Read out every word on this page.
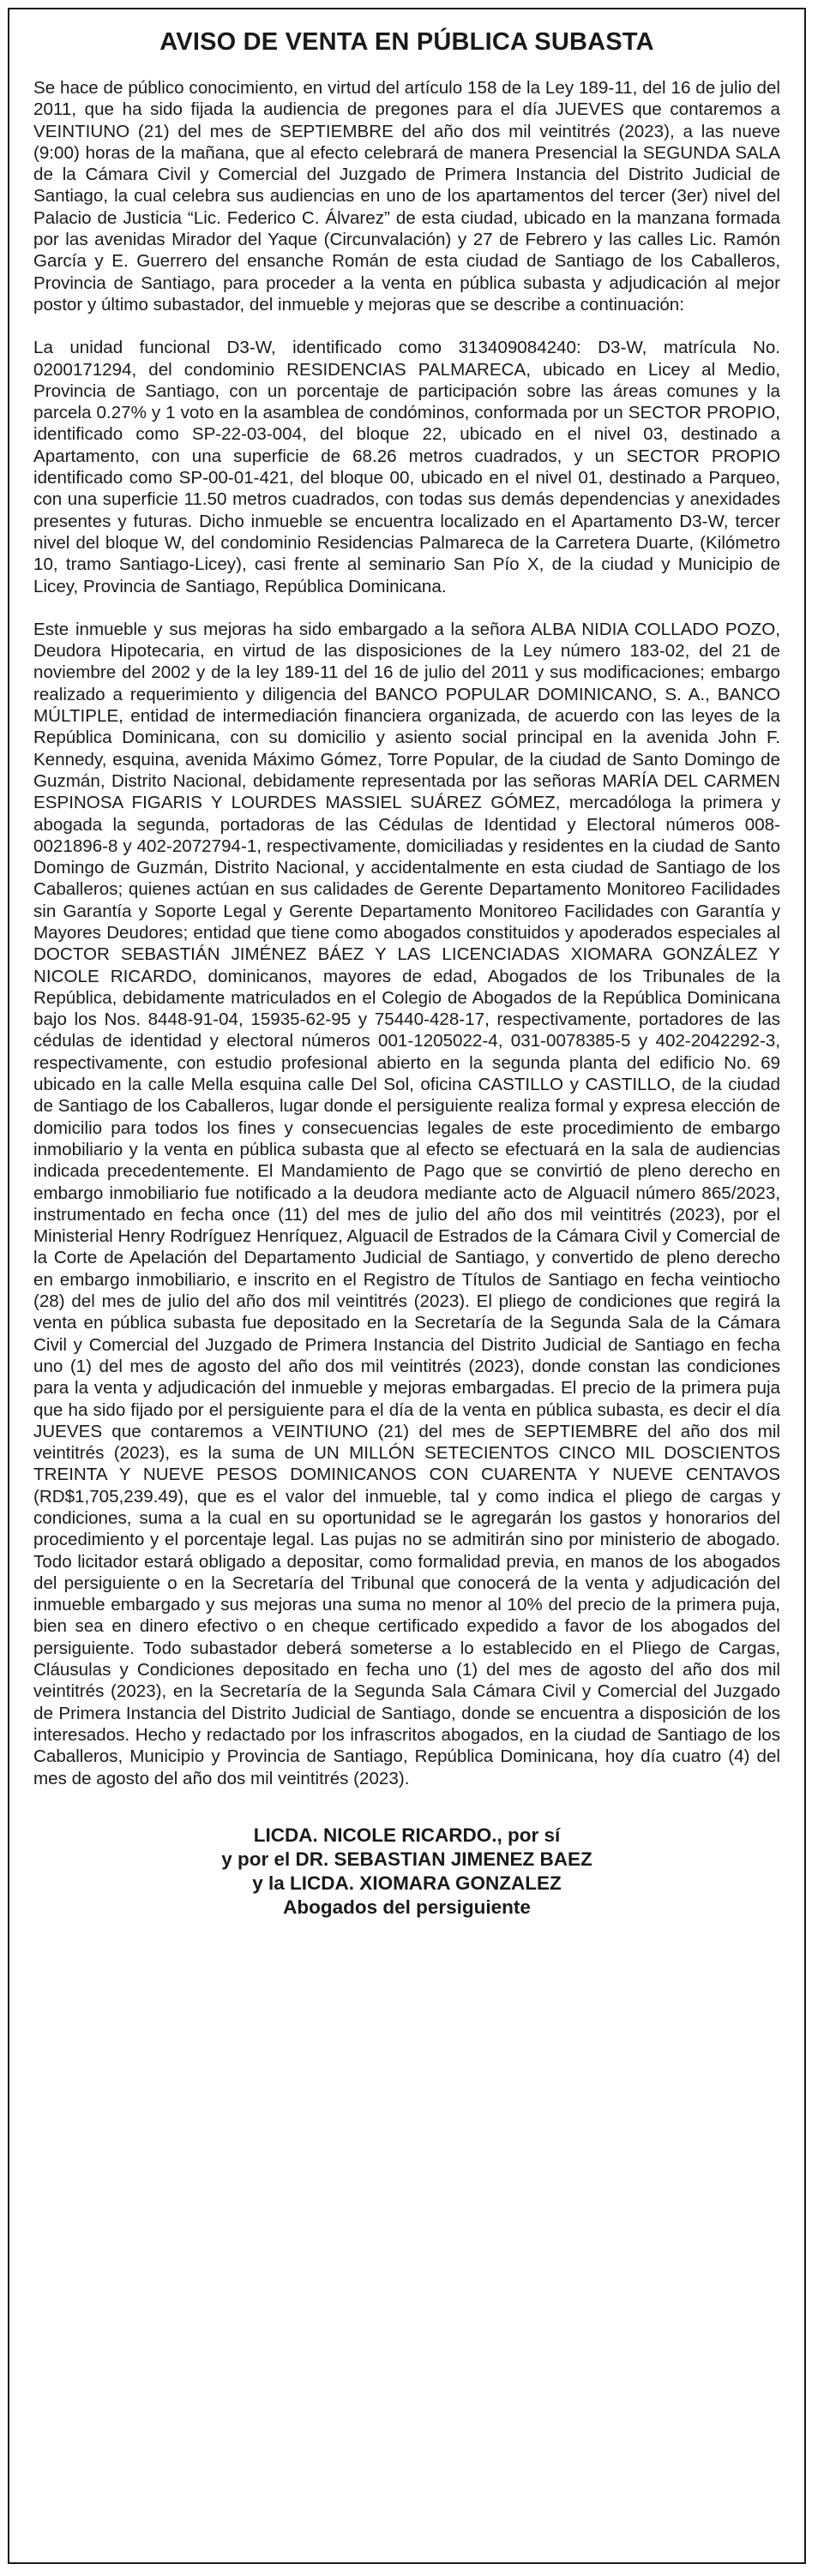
AVISO DE VENTA EN PÚBLICA SUBASTA

Se hace de público conocimiento, en virtud del artículo 158 de la Ley 189-11, del 16 de julio del 2011, que ha sido fijada la audiencia de pregones para el día JUEVES que contaremos a VEINTIUNO (21) del mes de SEPTIEMBRE del año dos mil veintitrés (2023), a las nueve (9:00) horas de la mañana, que al efecto celebrará de manera Presencial la SEGUNDA SALA de la Cámara Civil y Comercial del Juzgado de Primera Instancia del Distrito Judicial de Santiago, la cual celebra sus audiencias en uno de los apartamentos del tercer (3er) nivel del Palacio de Justicia “Lic. Federico C. Álvarez” de esta ciudad, ubicado en la manzana formada por las avenidas Mirador del Yaque (Circunvalación) y 27 de Febrero y las calles Lic. Ramón García y E. Guerrero del ensanche Román de esta ciudad de Santiago de los Caballeros, Provincia de Santiago, para proceder a la venta en pública subasta y adjudicación al mejor postor y último subastador, del inmueble y mejoras que se describe a continuación:

La unidad funcional D3-W, identificado como 313409084240: D3-W, matrícula No. 0200171294, del condominio RESIDENCIAS PALMARECA, ubicado en Licey al Medio, Provincia de Santiago, con un porcentaje de participación sobre las áreas comunes y la parcela 0.27% y 1 voto en la asamblea de condóminos, conformada por un SECTOR PROPIO, identificado como SP-22-03-004, del bloque 22, ubicado en el nivel 03, destinado a Apartamento, con una superficie de 68.26 metros cuadrados, y un SECTOR PROPIO identificado como SP-00-01-421, del bloque 00, ubicado en el nivel 01, destinado a Parqueo, con una superficie 11.50 metros cuadrados, con todas sus demás dependencias y anexidades presentes y futuras. Dicho inmueble se encuentra localizado en el Apartamento D3-W, tercer nivel del bloque W, del condominio Residencias Palmareca de la Carretera Duarte, (Kilómetro 10, tramo Santiago-Licey), casi frente al seminario San Pío X, de la ciudad y Municipio de Licey, Provincia de Santiago, República Dominicana.

Este inmueble y sus mejoras ha sido embargado a la señora ALBA NIDIA COLLADO POZO, Deudora Hipotecaria, en virtud de las disposiciones de la Ley número 183-02, del 21 de noviembre del 2002 y de la ley 189-11 del 16 de julio del 2011 y sus modificaciones; embargo realizado a requerimiento y diligencia del BANCO POPULAR DOMINICANO, S. A., BANCO MÚLTIPLE, entidad de intermediación financiera organizada, de acuerdo con las leyes de la República Dominicana, con su domicilio y asiento social principal en la avenida John F. Kennedy, esquina, avenida Máximo Gómez, Torre Popular, de la ciudad de Santo Domingo de Guzmán, Distrito Nacional, debidamente representada por las señoras MARÍA DEL CARMEN ESPINOSA FIGARIS Y LOURDES MASSIEL SUÁREZ GÓMEZ, mercadóloga la primera y abogada la segunda, portadoras de las Cédulas de Identidad y Electoral números 008-0021896-8 y 402-2072794-1, respectivamente, domiciliadas y residentes en la ciudad de Santo Domingo de Guzmán, Distrito Nacional, y accidentalmente en esta ciudad de Santiago de los Caballeros; quienes actúan en sus calidades de Gerente Departamento Monitoreo Facilidades sin Garantía y Soporte Legal y Gerente Departamento Monitoreo Facilidades con Garantía y Mayores Deudores; entidad que tiene como abogados constituidos y apoderados especiales al DOCTOR SEBASTIÁN JIMÉNEZ BÁEZ Y LAS LICENCIADAS XIOMARA GONZÁLEZ Y NICOLE RICARDO, dominicanos, mayores de edad, Abogados de los Tribunales de la República, debidamente matriculados en el Colegio de Abogados de la República Dominicana bajo los Nos. 8448-91-04, 15935-62-95 y 75440-428-17, respectivamente, portadores de las cédulas de identidad y electoral números 001-1205022-4, 031-0078385-5 y 402-2042292-3, respectivamente, con estudio profesional abierto en la segunda planta del edificio No. 69 ubicado en la calle Mella esquina calle Del Sol, oficina CASTILLO y CASTILLO, de la ciudad de Santiago de los Caballeros, lugar donde el persiguiente realiza formal y expresa elección de domicilio para todos los fines y consecuencias legales de este procedimiento de embargo inmobiliario y la venta en pública subasta que al efecto se efectuará en la sala de audiencias indicada precedentemente. El Mandamiento de Pago que se convirtió de pleno derecho en embargo inmobiliario fue notificado a la deudora mediante acto de Alguacil número 865/2023, instrumentado en fecha once (11) del mes de julio del año dos mil veintitrés (2023), por el Ministerial Henry Rodríguez Henríquez, Alguacil de Estrados de la Cámara Civil y Comercial de la Corte de Apelación del Departamento Judicial de Santiago, y convertido de pleno derecho en embargo inmobiliario, e inscrito en el Registro de Títulos de Santiago en fecha veintiocho (28) del mes de julio del año dos mil veintitrés (2023). El pliego de condiciones que regirá la venta en pública subasta fue depositado en la Secretaría de la Segunda Sala de la Cámara Civil y Comercial del Juzgado de Primera Instancia del Distrito Judicial de Santiago en fecha uno (1) del mes de agosto del año dos mil veintitrés (2023), donde constan las condiciones para la venta y adjudicación del inmueble y mejoras embargadas. El precio de la primera puja que ha sido fijado por el persiguiente para el día de la venta en pública subasta, es decir el día JUEVES que contaremos a VEINTIUNO (21) del mes de SEPTIEMBRE del año dos mil veintitrés (2023), es la suma de UN MILLÓN SETECIENTOS CINCO MIL DOSCIENTOS TREINTA Y NUEVE PESOS DOMINICANOS CON CUARENTA Y NUEVE CENTAVOS (RD$1,705,239.49), que es el valor del inmueble, tal y como indica el pliego de cargas y condiciones, suma a la cual en su oportunidad se le agregarán los gastos y honorarios del procedimiento y el porcentaje legal. Las pujas no se admitirán sino por ministerio de abogado. Todo licitador estará obligado a depositar, como formalidad previa, en manos de los abogados del persiguiente o en la Secretaría del Tribunal que conocerá de la venta y adjudicación del inmueble embargado y sus mejoras una suma no menor al 10% del precio de la primera puja, bien sea en dinero efectivo o en cheque certificado expedido a favor de los abogados del persiguiente. Todo subastador deberá someterse a lo establecido en el Pliego de Cargas, Cláusulas y Condiciones depositado en fecha uno (1) del mes de agosto del año dos mil veintitrés (2023), en la Secretaría de la Segunda Sala Cámara Civil y Comercial del Juzgado de Primera Instancia del Distrito Judicial de Santiago, donde se encuentra a disposición de los interesados. Hecho y redactado por los infrascritos abogados, en la ciudad de Santiago de los Caballeros, Municipio y Provincia de Santiago, República Dominicana, hoy día cuatro (4) del mes de agosto del año dos mil veintitrés (2023).

LICDA. NICOLE RICARDO., por sí
y por el DR. SEBASTIAN JIMENEZ BAEZ
y la LICDA. XIOMARA GONZALEZ
Abogados del persiguiente
